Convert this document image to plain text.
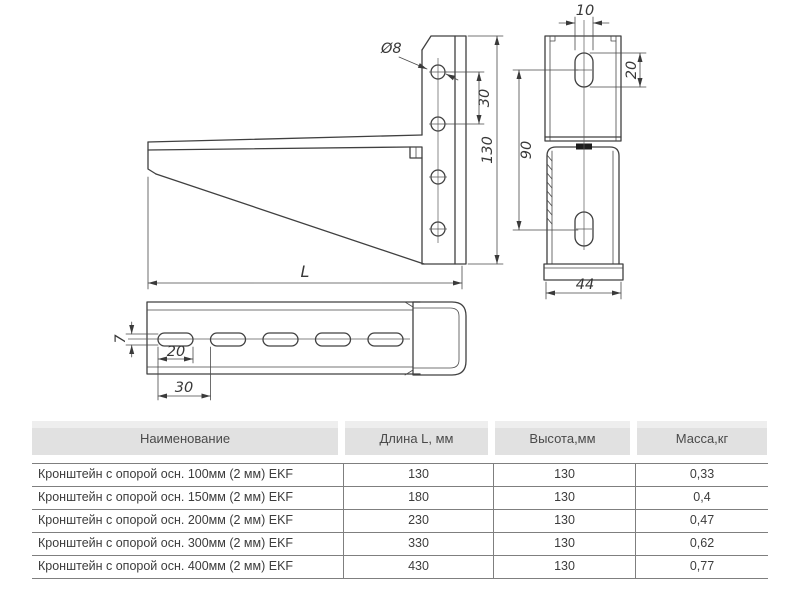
Ø8
30
130
L
10
20
90
44
7
20
30
Наименование	Длина L, мм	Высота,мм	Масса,кг
Кронштейн с опорой осн. 100мм (2 мм) EKF	130	130	0,33
Кронштейн с опорой осн. 150мм (2 мм) EKF	180	130	0,4
Кронштейн с опорой осн. 200мм (2 мм) EKF	230	130	0,47
Кронштейн с опорой осн. 300мм (2 мм) EKF	330	130	0,62
Кронштейн с опорой осн. 400мм (2 мм) EKF	430	130	0,77
